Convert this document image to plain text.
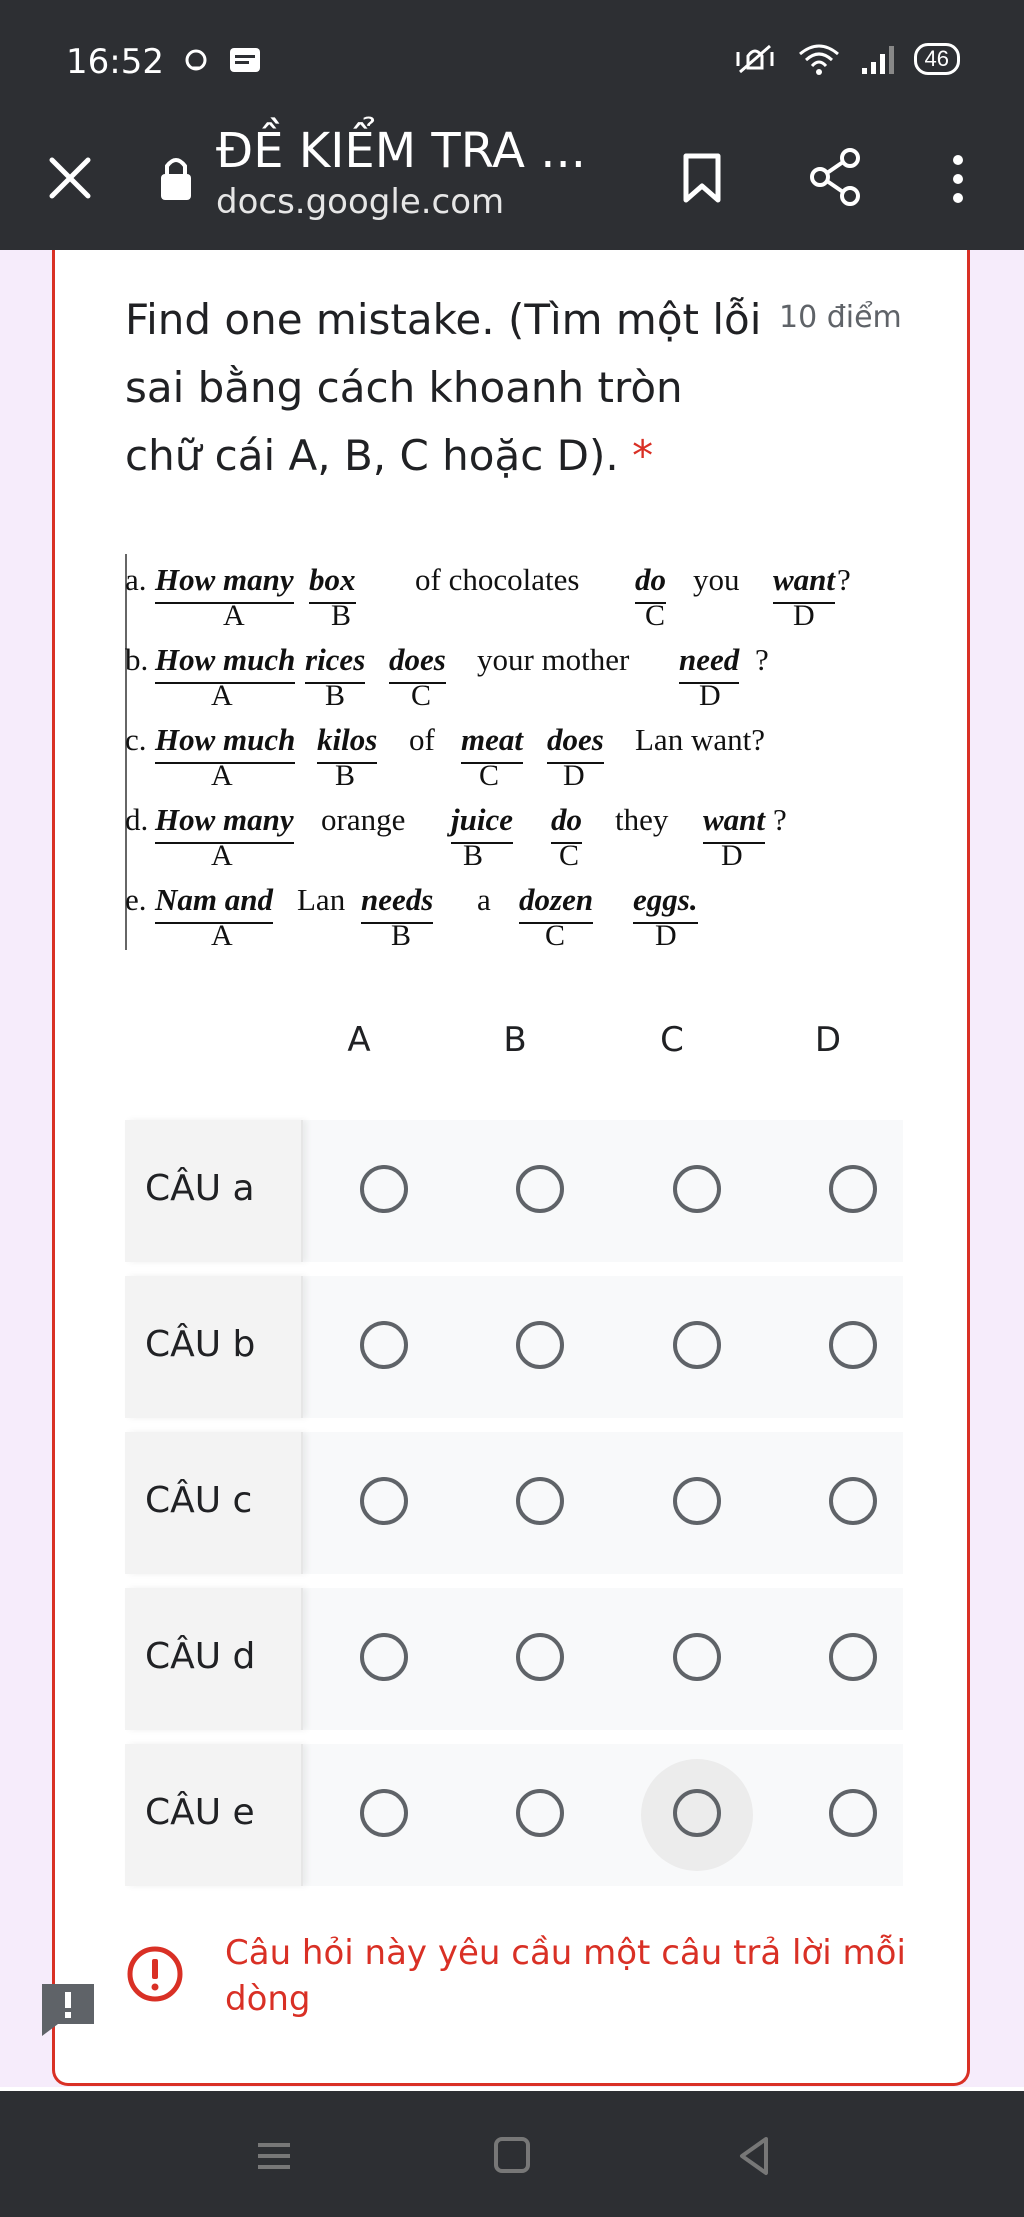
16:52	46
ĐỀ KIỂM TRA ...
docs.google.com
Find one mistake. (Tìm một lỗi sai bằng cách khoanh tròn chữ cái A, B, C hoặc D). *
10 điểm
a. How many box of chocolates do you want ?
A	B	C	D
b. How much rices does your mother need ?
A	B C	D
c. How much kilos of meat does Lan want?
A	B	C D
d. How many orange juice do they want ?
A	B	C	D
e. Nam and Lan needs a dozen eggs.
A	B	C	D
A	B	C	D
CÂU a
CÂU b
CÂU c
CÂU d
CÂU e
Câu hỏi này yêu cầu một câu trả lời mỗi dòng
